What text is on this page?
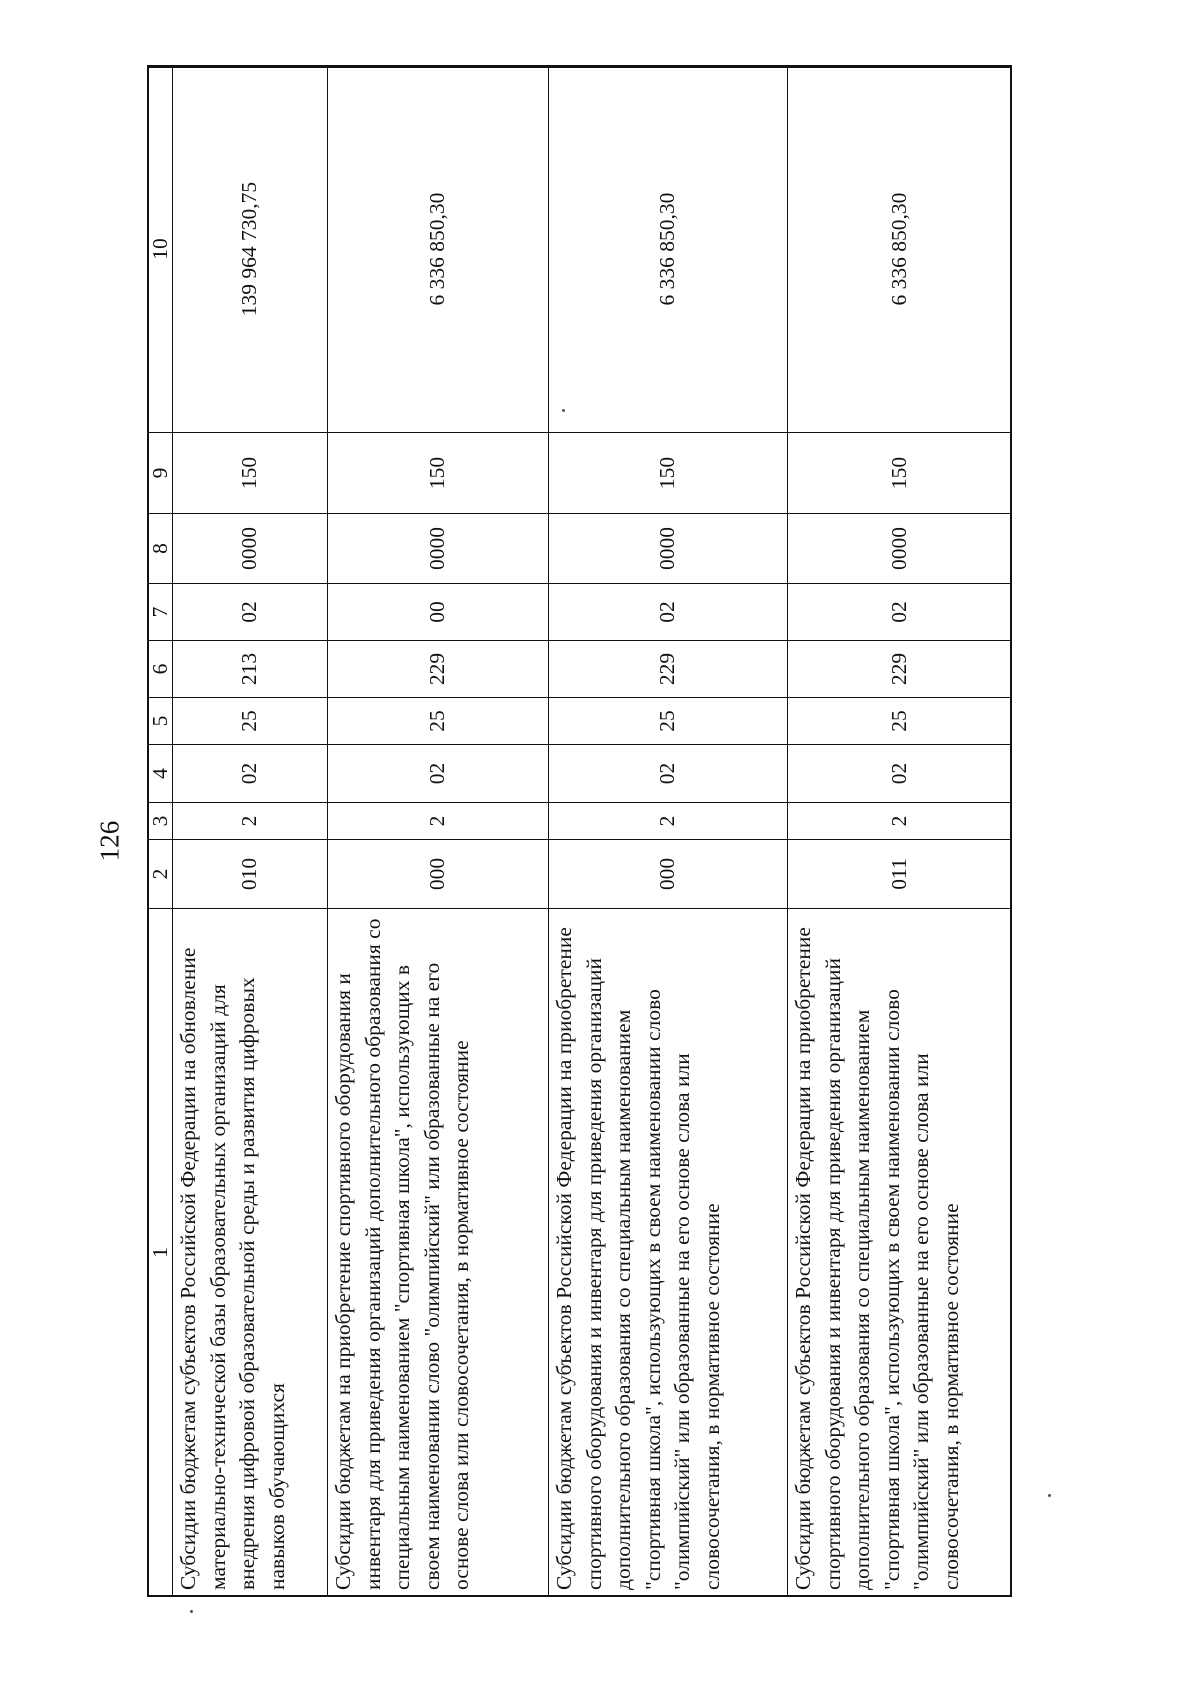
126
1	2	3	4	5	6	7	8	9	10
Субсидии бюджетам субъектов Российской Федерации на обновление материально-технической базы образовательных организаций для внедрения цифровой образовательной среды и развития цифровых навыков обучающихся	010	2	02	25	213	02	0000	150	139 964 730,75
Субсидии бюджетам на приобретение спортивного оборудования и инвентаря для приведения организаций дополнительного образования со специальным наименованием "спортивная школа", использующих в своем наименовании слово "олимпийский" или образованные на его основе слова или словосочетания, в нормативное состояние	000	2	02	25	229	00	0000	150	6 336 850,30
Субсидии бюджетам субъектов Российской Федерации на приобретение спортивного оборудования и инвентаря для приведения организаций дополнительного образования со специальным наименованием "спортивная школа", использующих в своем наименовании слово "олимпийский" или образованные на его основе слова или словосочетания, в нормативное состояние	000	2	02	25	229	02	0000	150	6 336 850,30
Субсидии бюджетам субъектов Российской Федерации на приобретение спортивного оборудования и инвентаря для приведения организаций дополнительного образования со специальным наименованием "спортивная школа", использующих в своем наименовании слово "олимпийский" или образованные на его основе слова или словосочетания, в нормативное состояние	011	2	02	25	229	02	0000	150	6 336 850,30
